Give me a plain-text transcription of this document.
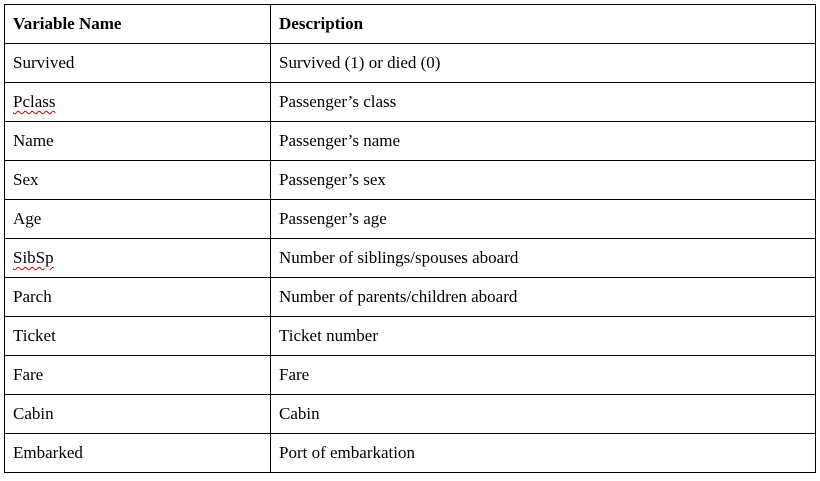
Variable Name	Description
Survived	Survived (1) or died (0)
Pclass	Passenger’s class
Name	Passenger’s name
Sex	Passenger’s sex
Age	Passenger’s age
SibSp	Number of siblings/spouses aboard
Parch	Number of parents/children aboard
Ticket	Ticket number
Fare	Fare
Cabin	Cabin
Embarked	Port of embarkation
